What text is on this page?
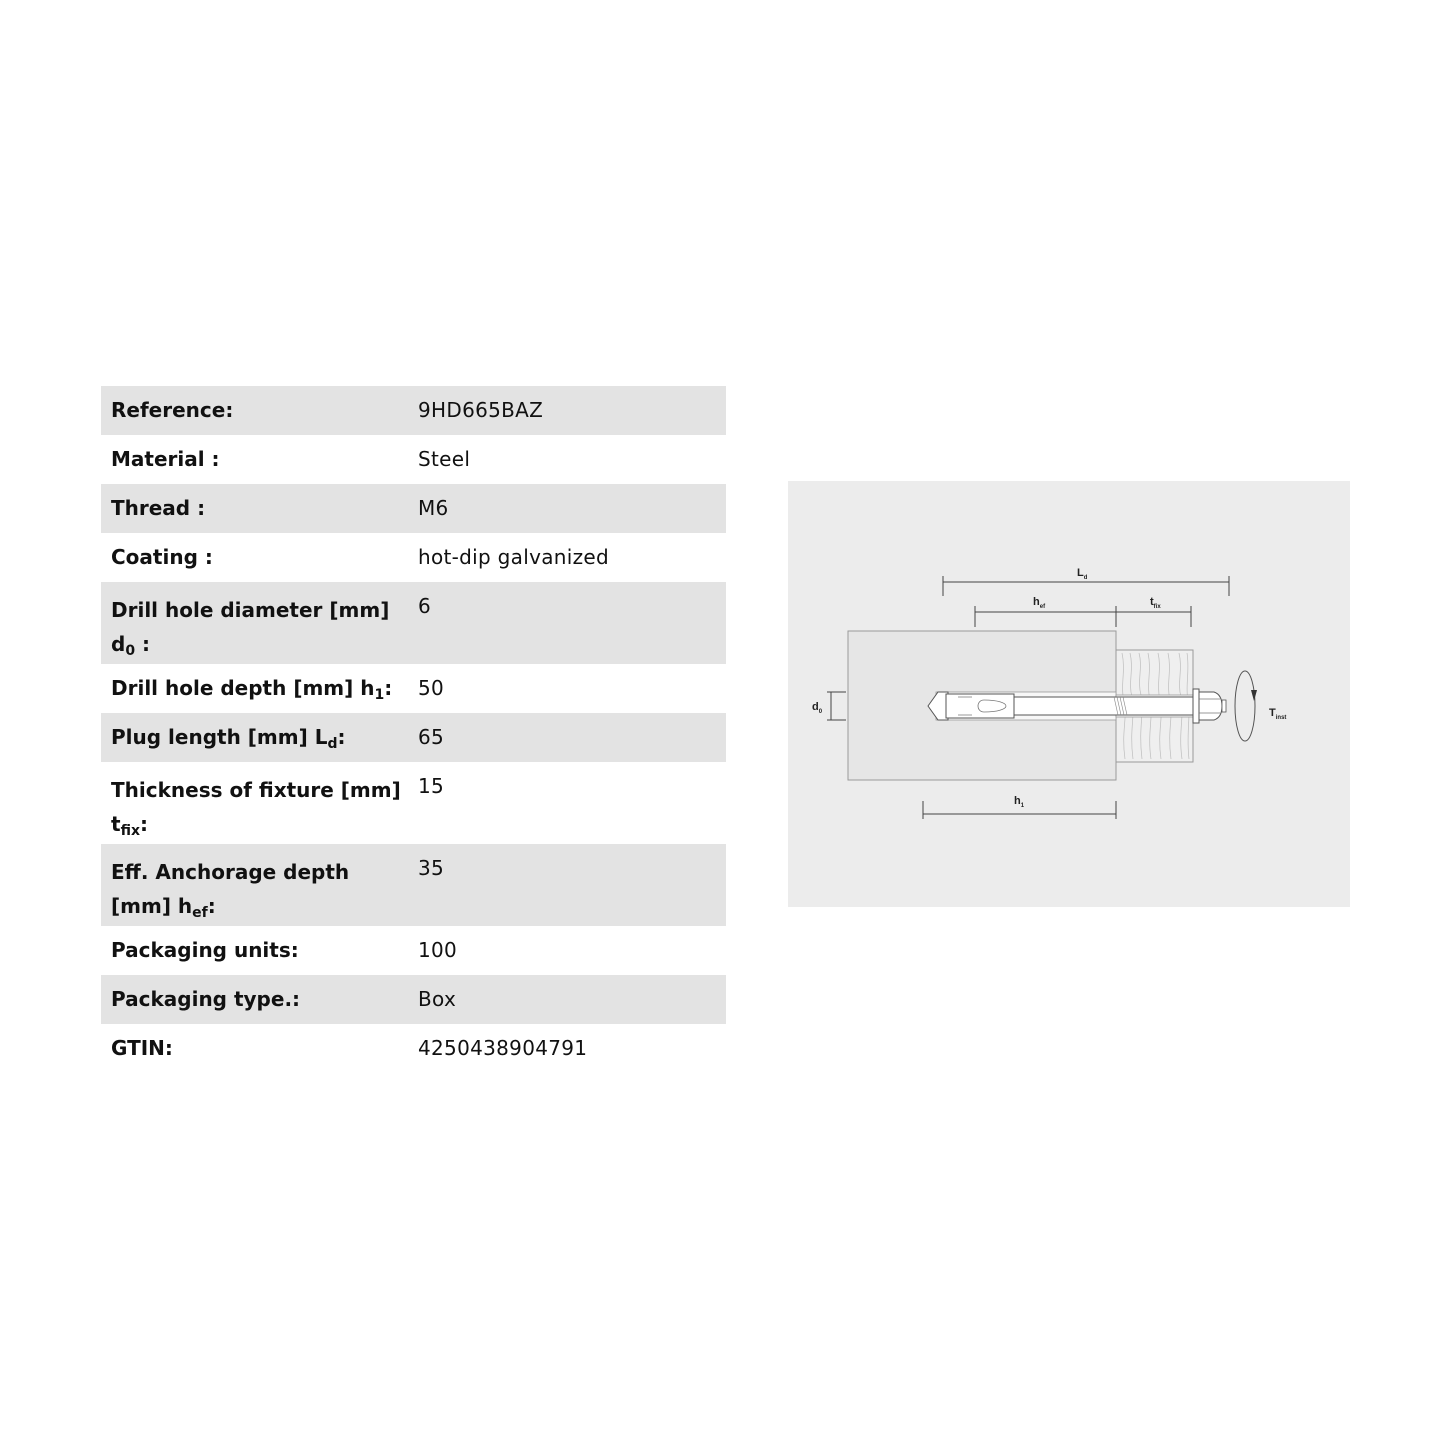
Reference:	9HD665BAZ
Material :	Steel
Thread :	M6
Coating :	hot-dip galvanized
Drill hole diameter [mm] $d_0$ :
6
Drill hole depth [mm] $h_1$:	50
Plug length [mm] $L_d$:	65
Thickness of fixture [mm] $t_{fix}$:
15
Eff. Anchorage depth [mm] $h_{ef}$:
35
Packaging units:	100
Packaging type.:	Box
GTIN:	4250438904791
$L_d$
$h_{ef}$	$t_{fix}$
$d_0$
$h_1$
$T_{inst}$
